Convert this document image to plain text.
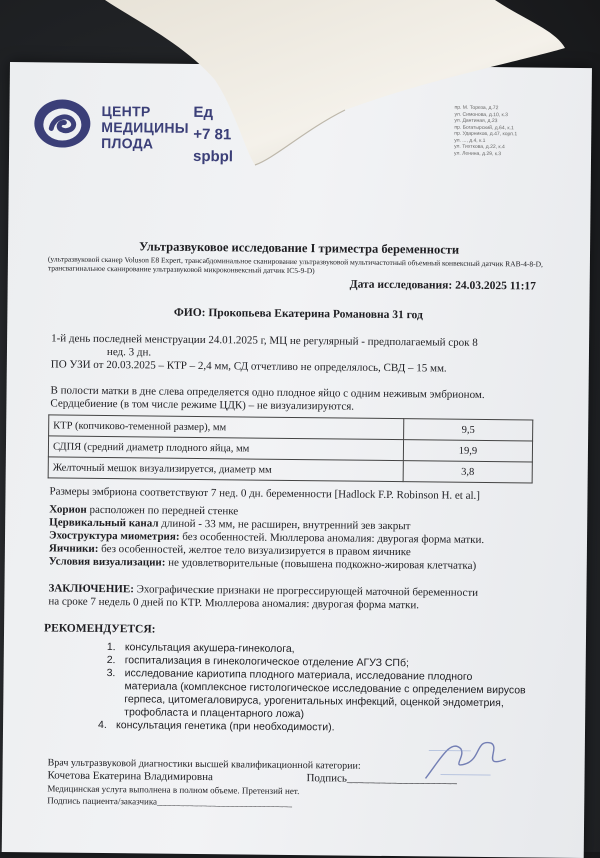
ЦЕНТР
МЕДИЦИНЫ
ПЛОДА
Ед
+7 81
spbpl
пр. М. Тореза, д.72
ул. Симонова, д.10, к.3
ул. Дантиная, д.23
пр. Богатырский, д.64, к.1
пр. Ударников, д.47, корп.1
ул. ..., д.4, к.1
ул. Тихткова, д.22, к.4
ул. Ленина, д.29, к.3
Ультразвуковое исследование I триместра беременности
(ультразвуковой сканер Voluson E8 Expert, трансабдоминальное сканирование ультразвуковой мультичастотный объемный конвексный датчик RAB-4-8-D, трансвагинальное сканирование ультразвуковой микроконвексный датчик IC5-9-D)
Дата исследования: 24.03.2025 11:17
ФИО: Прокопьева Екатерина Романовна 31 год
1-й день последней менструации 24.01.2025 г, МЦ не регулярный - предполагаемый срок 8
нед. 3 дн.
ПО УЗИ от 20.03.2025 – КТР – 2,4 мм, СД отчетливо не определялось, СВД – 15 мм.
В полости матки в дне слева определяется одно плодное яйцо с одним неживым эмбрионом.
Сердцебиение (в том числе режиме ЦДК) – не визуализируются.
КТР (копчиково-теменной размер), мм	9,5
СДПЯ (средний диаметр плодного яйца, мм	19,9
Желточный мешок визуализируется, диаметр мм	3,8
Размеры эмбриона соответствуют 7 нед. 0 дн. беременности [Hadlock F.P. Robinson H. et al.]
Хорион расположен по передней стенке
Цервикальный канал длиной - 33 мм, не расширен, внутренний зев закрыт
Эхоструктура миометрия: без особенностей. Мюллерова аномалия: двурогая форма матки.
Яичники: без особенностей, желтое тело визуализируется в правом яичнике
Условия визуализации: не удовлетворительные (повышена подкожно-жировая клетчатка)
ЗАКЛЮЧЕНИЕ: Эхографические признаки не прогрессирующей маточной беременности
на сроке 7 недель 0 дней по КТР. Мюллерова аномалия: двурогая форма матки.
РЕКОМЕНДУЕТСЯ:
1. консультация акушера-гинеколога,
2. госпитализация в гинекологическое отделение АГУЗ СПб;
3. исследование кариотипа плодного материала, исследование плодного материала (комплексное гистологическое исследование с определением вирусов герпеса, цитомегаловируса, урогенитальных инфекций, оценкой эндометрия, трофобласта и плацентарного ложа)
4. консультация генетика (при необходимости).
Врач ультразвуковой диагностики высшей квалификационной категории:
Кочетова Екатерина Владимировна	Подпись____________________
Медицинская услуга выполнена в полном объеме. Претензий нет.
Подпись пациента/заказчика______________________________
